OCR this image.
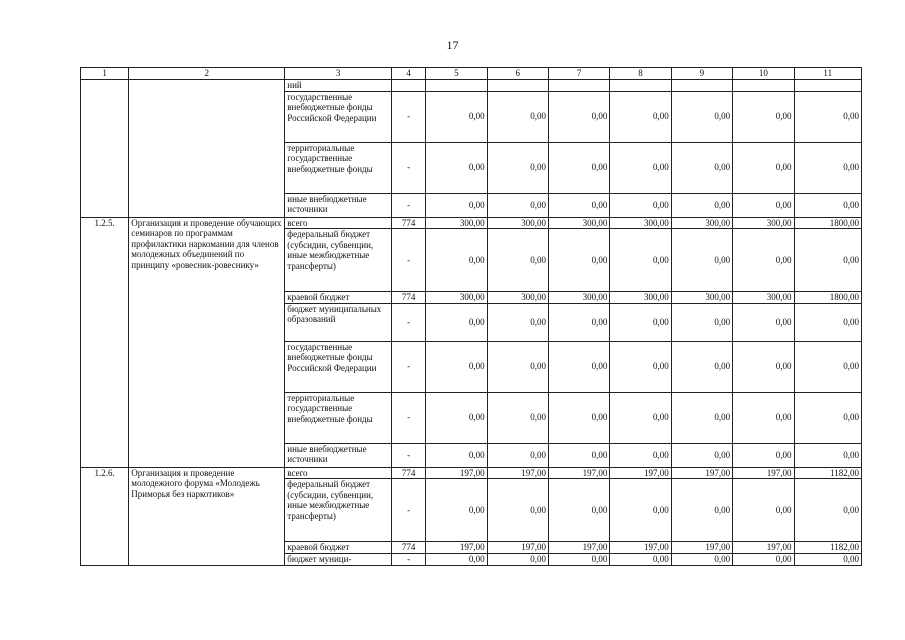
17
1	2	3	4	5	6	7	8	9	10	11
		ний								
		государственные внебюджетные фонды Российской Федерации	-	0,00	0,00	0,00	0,00	0,00	0,00	0,00
		территориальные государственные внебюджетные фонды	-	0,00	0,00	0,00	0,00	0,00	0,00	0,00
		иные внебюджетные источники	-	0,00	0,00	0,00	0,00	0,00	0,00	0,00
1.2.5.	Организация и проведение обучающих семинаров по программам профилактики наркомании для членов молодежных объединений по принципу «ровесник-ровеснику»	всего	774	300,00	300,00	300,00	300,00	300,00	300,00	1800,00
		федеральный бюджет (субсидии, субвенции, иные межбюджетные трансферты)	-	0,00	0,00	0,00	0,00	0,00	0,00	0,00
		краевой бюджет	774	300,00	300,00	300,00	300,00	300,00	300,00	1800,00
		бюджет муниципальных образований	-	0,00	0,00	0,00	0,00	0,00	0,00	0,00
		государственные внебюджетные фонды Российской Федерации	-	0,00	0,00	0,00	0,00	0,00	0,00	0,00
		территориальные государственные внебюджетные фонды	-	0,00	0,00	0,00	0,00	0,00	0,00	0,00
		иные внебюджетные источники	-	0,00	0,00	0,00	0,00	0,00	0,00	0,00
1.2.6.	Организация и проведение молодежного форума «Молодежь Приморья без наркотиков»	всего	774	197,00	197,00	197,00	197,00	197,00	197,00	1182,00
		федеральный бюджет (субсидии, субвенции, иные межбюджетные трансферты)	-	0,00	0,00	0,00	0,00	0,00	0,00	0,00
		краевой бюджет	774	197,00	197,00	197,00	197,00	197,00	197,00	1182,00
		бюджет муници-	-	0,00	0,00	0,00	0,00	0,00	0,00	0,00
